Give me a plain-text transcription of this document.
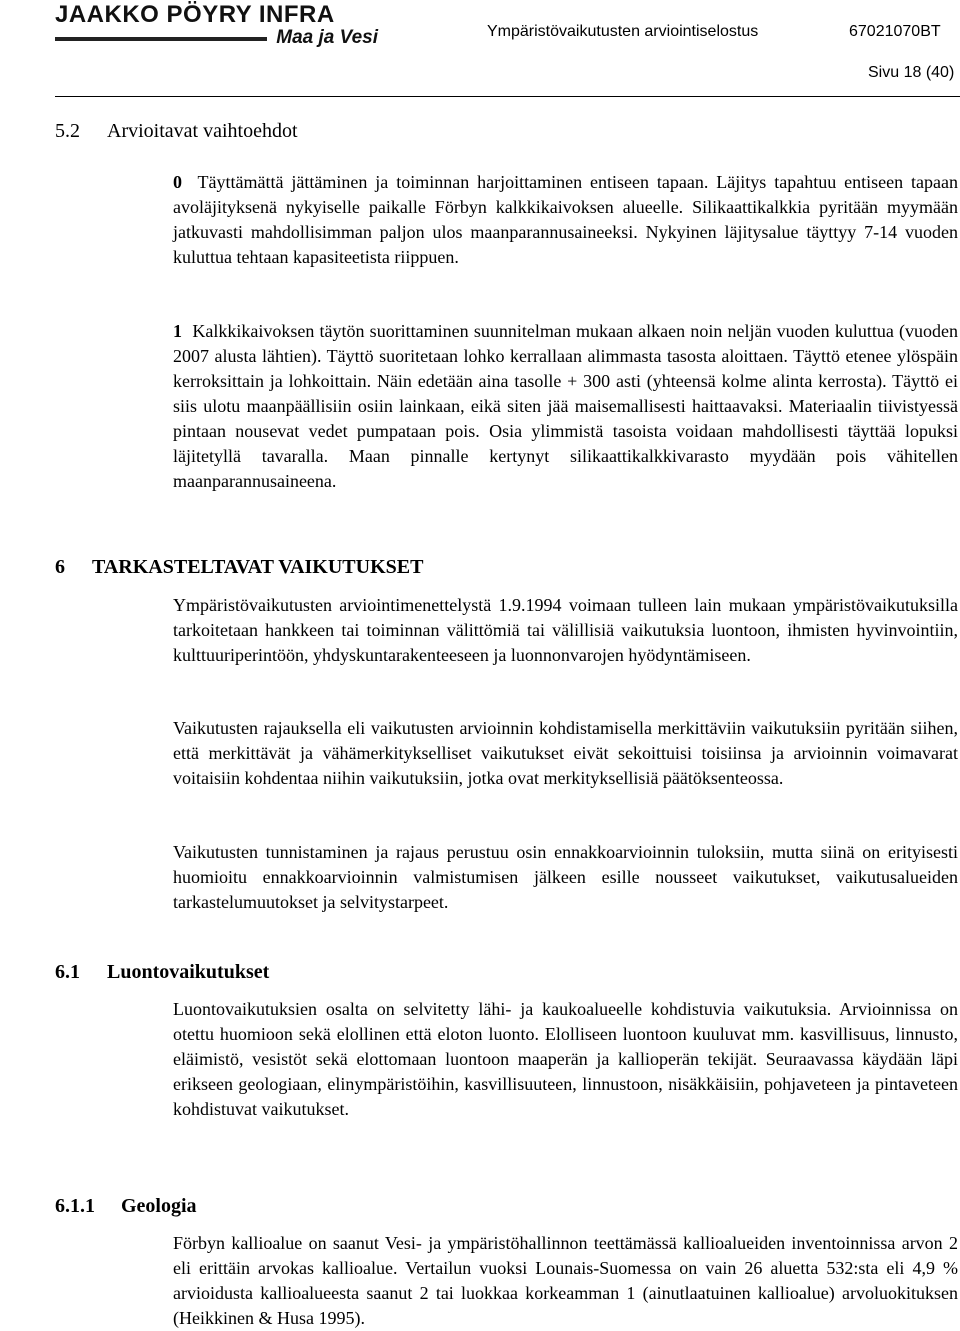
JAAKKO PÖYRY INFRA
Maa ja Vesi	Ympäristövaikutusten arviointiselostus	67021070BT
Sivu 18 (40)
5.2 Arvioitavat vaihtoehdot

0 Täyttämättä jättäminen ja toiminnan harjoittaminen entiseen tapaan. Läjitys tapahtuu entiseen tapaan avoläjityksenä nykyiselle paikalle Förbyn kalkkikaivoksen alueelle. Silikaattikalkkia pyritään myymään jatkuvasti mahdollisimman paljon ulos maanparannusaineeksi. Nykyinen läjitysalue täyttyy 7-14 vuoden kuluttua tehtaan kapasiteetista riippuen.

1 Kalkkikaivoksen täytön suorittaminen suunnitelman mukaan alkaen noin neljän vuoden kuluttua (vuoden 2007 alusta lähtien). Täyttö suoritetaan lohko kerrallaan alimmasta tasosta aloittaen. Täyttö etenee ylöspäin kerroksittain ja lohkoittain. Näin edetään aina tasolle + 300 asti (yhteensä kolme alinta kerrosta). Täyttö ei siis ulotu maanpäällisiin osiin lainkaan, eikä siten jää maisemallisesti haittaavaksi. Materiaalin tiivistyessä pintaan nousevat vedet pumpataan pois. Osia ylimmistä tasoista voidaan mahdollisesti täyttää lopuksi läjitetyllä tavaralla. Maan pinnalle kertynyt silikaattikalkkivarasto myydään pois vähitellen maanparannusaineena.

6 TARKASTELTAVAT VAIKUTUKSET

Ympäristövaikutusten arviointimenettelystä 1.9.1994 voimaan tulleen lain mukaan ympäristövaikutuksilla tarkoitetaan hankkeen tai toiminnan välittömiä tai välillisiä vaikutuksia luontoon, ihmisten hyvinvointiin, kulttuuriperintöön, yhdyskuntarakenteeseen ja luonnonvarojen hyödyntämiseen.

Vaikutusten rajauksella eli vaikutusten arvioinnin kohdistamisella merkittäviin vaikutuksiin pyritään siihen, että merkittävät ja vähämerkitykselliset vaikutukset eivät sekoittuisi toisiinsa ja arvioinnin voimavarat voitaisiin kohdentaa niihin vaikutuksiin, jotka ovat merkityksellisiä päätöksenteossa.

Vaikutusten tunnistaminen ja rajaus perustuu osin ennakkoarvioinnin tuloksiin, mutta siinä on erityisesti huomioitu ennakkoarvioinnin valmistumisen jälkeen esille nousseet vaikutukset, vaikutusalueiden tarkastelumuutokset ja selvitystarpeet.

6.1 Luontovaikutukset

Luontovaikutuksien osalta on selvitetty lähi- ja kaukoalueelle kohdistuvia vaikutuksia. Arvioinnissa on otettu huomioon sekä elollinen että eloton luonto. Elolliseen luontoon kuuluvat mm. kasvillisuus, linnusto, eläimistö, vesistöt sekä elottomaan luontoon maaperän ja kallioperän tekijät. Seuraavassa käydään läpi erikseen geologiaan, elinympäristöihin, kasvillisuuteen, linnustoon, nisäkkäisiin, pohjaveteen ja pintaveteen kohdistuvat vaikutukset.

6.1.1 Geologia

Förbyn kallioalue on saanut Vesi- ja ympäristöhallinnon teettämässä kallioalueiden inventoinnissa arvon 2 eli erittäin arvokas kallioalue. Vertailun vuoksi Lounais-Suomessa on vain 26 aluetta 532:sta eli 4,9 % arvioidusta kallioalueesta saanut 2 tai luokkaa korkeamman 1 (ainutlaatuinen kallioalue) arvoluokituksen (Heikkinen & Husa 1995).
